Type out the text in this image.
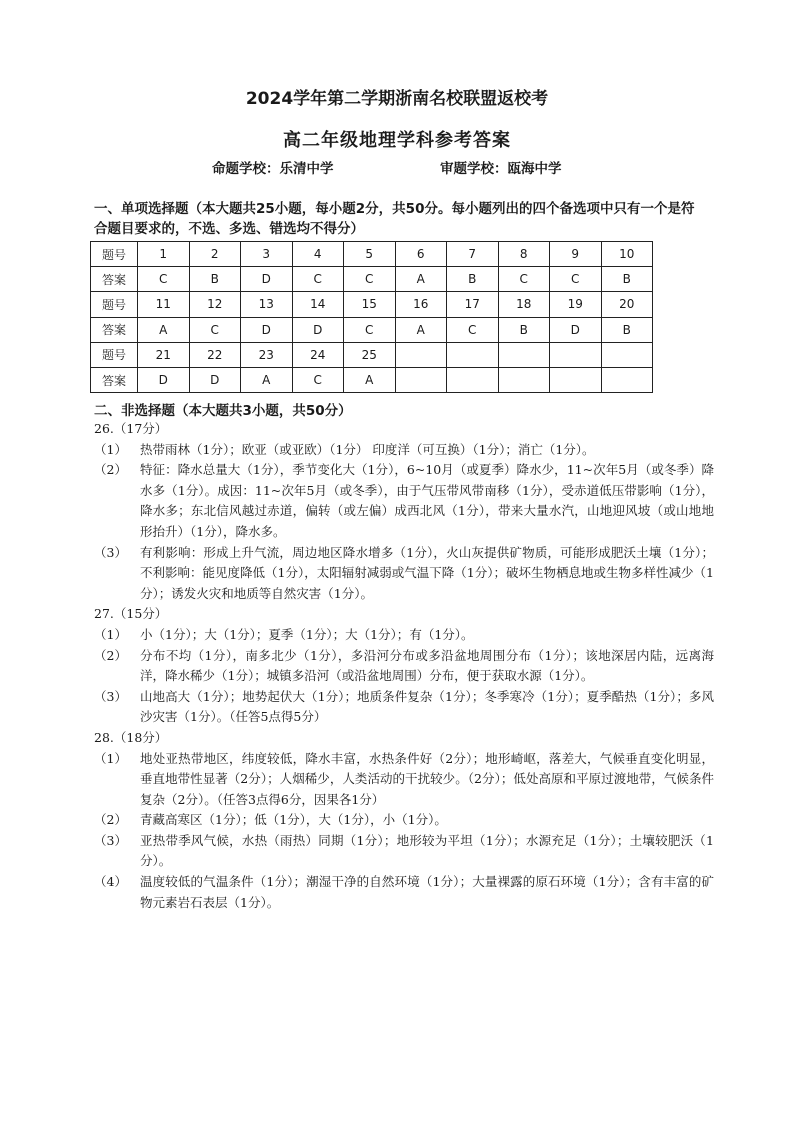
2024学年第二学期浙南名校联盟返校考
高二年级地理学科参考答案
命题学校：乐清中学	审题学校：瓯海中学
一、单项选择题（本大题共25小题，每小题2分，共50分。每小题列出的四个备选项中只有一个是符合题目要求的，不选、多选、错选均不得分）
题号	1	2	3	4	5	6	7	8	9	10
答案	C	B	D	C	C	A	B	C	C	B
题号	11	12	13	14	15	16	17	18	19	20
答案	A	C	D	D	C	A	C	B	D	B
题号	21	22	23	24	25					
答案	D	D	A	C	A					
二、非选择题（本大题共3小题，共50分）
26.（17分）
（1）	热带雨林（1分）；欧亚（或亚欧）（1分） 印度洋（可互换）（1分）；消亡（1分）。
（2）	特征：降水总量大（1分），季节变化大（1分），6~10月（或夏季）降水少，11~次年5月（或冬季）降水多（1分）。成因：11~次年5月（或冬季），由于气压带风带南移（1分），受赤道低压带影响（1分），降水多；东北信风越过赤道，偏转（或左偏）成西北风（1分），带来大量水汽，山地迎风坡（或山地地形抬升）（1分），降水多。
（3）	有利影响：形成上升气流，周边地区降水增多（1分），火山灰提供矿物质，可能形成肥沃土壤（1分）；不利影响：能见度降低（1分），太阳辐射减弱或气温下降（1分）；破坏生物栖息地或生物多样性减少（1分）；诱发火灾和地质等自然灾害（1分）。
27.（15分）
（1）	小（1分）；大（1分）；夏季（1分）；大（1分）；有（1分）。
（2）	分布不均（1分），南多北少（1分），多沿河分布或多沿盆地周围分布（1分）；该地深居内陆，远离海洋，降水稀少（1分）；城镇多沿河（或沿盆地周围）分布，便于获取水源（1分）。
（3）	山地高大（1分）；地势起伏大（1分）；地质条件复杂（1分）；冬季寒冷（1分）；夏季酷热（1分）；多风沙灾害（1分）。（任答5点得5分）
28.（18分）
（1）	地处亚热带地区，纬度较低，降水丰富，水热条件好（2分）；地形崎岖，落差大，气候垂直变化明显，垂直地带性显著（2分）；人烟稀少，人类活动的干扰较少。（2分）；低处高原和平原过渡地带，气候条件复杂（2分）。（任答3点得6分，因果各1分）
（2）	青藏高寒区（1分）；低（1分），大（1分），小（1分）。
（3）	亚热带季风气候，水热（雨热）同期（1分）；地形较为平坦（1分）；水源充足（1分）；土壤较肥沃（1分）。
（4）	温度较低的气温条件（1分）；潮湿干净的自然环境（1分）；大量裸露的原石环境（1分）；含有丰富的矿物元素岩石表层（1分）。
